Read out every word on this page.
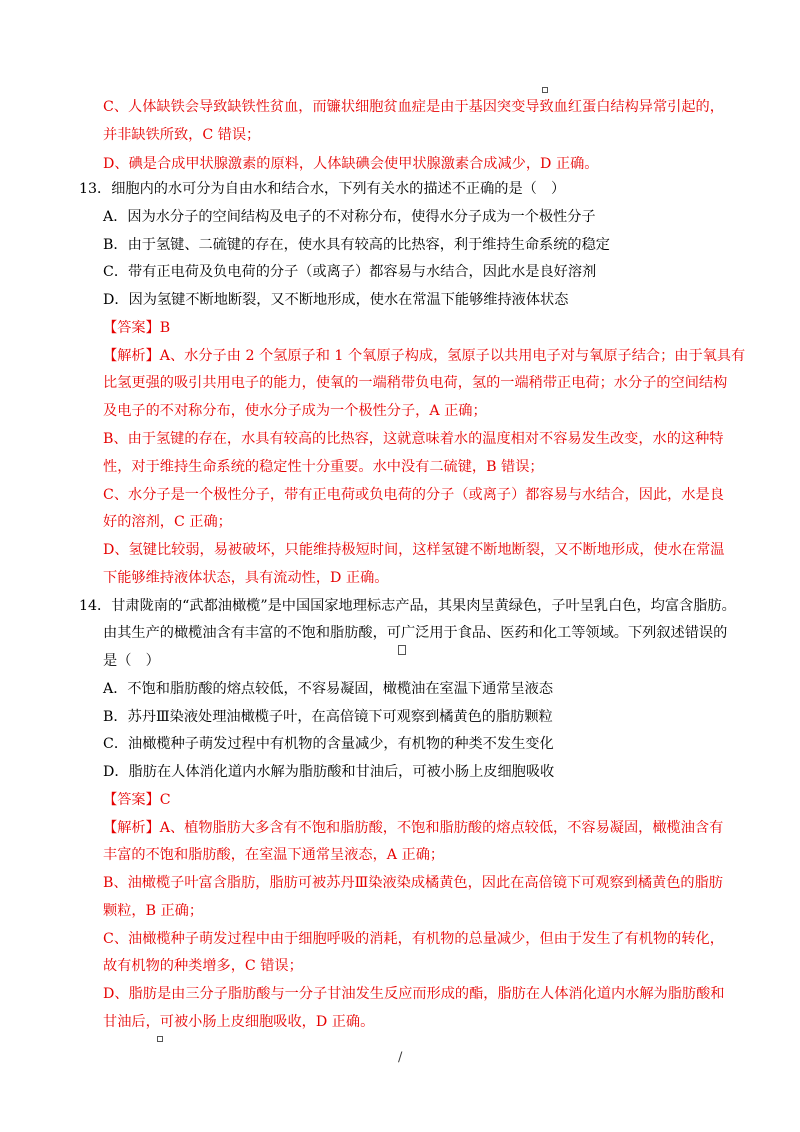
C、人体缺铁会导致缺铁性贫血，而镰状细胞贫血症是由于基因突变导致血红蛋白结构异常引起的，
并非缺铁所致，C 错误；
D、碘是合成甲状腺激素的原料，人体缺碘会使甲状腺激素合成减少，D 正确。
13．细胞内的水可分为自由水和结合水，下列有关水的描述不正确的是（　）
A．因为水分子的空间结构及电子的不对称分布，使得水分子成为一个极性分子
B．由于氢键、二硫键的存在，使水具有较高的比热容，利于维持生命系统的稳定
C．带有正电荷及负电荷的分子（或离子）都容易与水结合，因此水是良好溶剂
D．因为氢键不断地断裂，又不断地形成，使水在常温下能够维持液体状态
【答案】B
【解析】A、水分子由 2 个氢原子和 1 个氧原子构成，氢原子以共用电子对与氧原子结合；由于氧具有
比氢更强的吸引共用电子的能力，使氧的一端稍带负电荷，氢的一端稍带正电荷；水分子的空间结构
及电子的不对称分布，使水分子成为一个极性分子，A 正确；
B、由于氢键的存在，水具有较高的比热容，这就意味着水的温度相对不容易发生改变，水的这种特
性，对于维持生命系统的稳定性十分重要。水中没有二硫键，B 错误；
C、水分子是一个极性分子，带有正电荷或负电荷的分子（或离子）都容易与水结合，因此，水是良
好的溶剂，C 正确；
D、氢键比较弱，易被破坏，只能维持极短时间，这样氢键不断地断裂，又不断地形成，使水在常温
下能够维持液体状态，具有流动性，D 正确。
14．甘肃陇南的“武都油橄榄”是中国国家地理标志产品，其果肉呈黄绿色，子叶呈乳白色，均富含脂肪。
由其生产的橄榄油含有丰富的不饱和脂肪酸，可广泛用于食品、医药和化工等领域。下列叙述错误的
是（　）
A．不饱和脂肪酸的熔点较低，不容易凝固，橄榄油在室温下通常呈液态
B．苏丹Ⅲ染液处理油橄榄子叶，在高倍镜下可观察到橘黄色的脂肪颗粒
C．油橄榄种子萌发过程中有机物的含量减少，有机物的种类不发生变化
D．脂肪在人体消化道内水解为脂肪酸和甘油后，可被小肠上皮细胞吸收
【答案】C
【解析】A、植物脂肪大多含有不饱和脂肪酸，不饱和脂肪酸的熔点较低，不容易凝固，橄榄油含有
丰富的不饱和脂肪酸，在室温下通常呈液态，A 正确；
B、油橄榄子叶富含脂肪，脂肪可被苏丹Ⅲ染液染成橘黄色，因此在高倍镜下可观察到橘黄色的脂肪
颗粒，B 正确；
C、油橄榄种子萌发过程中由于细胞呼吸的消耗，有机物的总量减少，但由于发生了有机物的转化，
故有机物的种类增多，C 错误；
D、脂肪是由三分子脂肪酸与一分子甘油发生反应而形成的酯，脂肪在人体消化道内水解为脂肪酸和
甘油后，可被小肠上皮细胞吸收，D 正确。
/
